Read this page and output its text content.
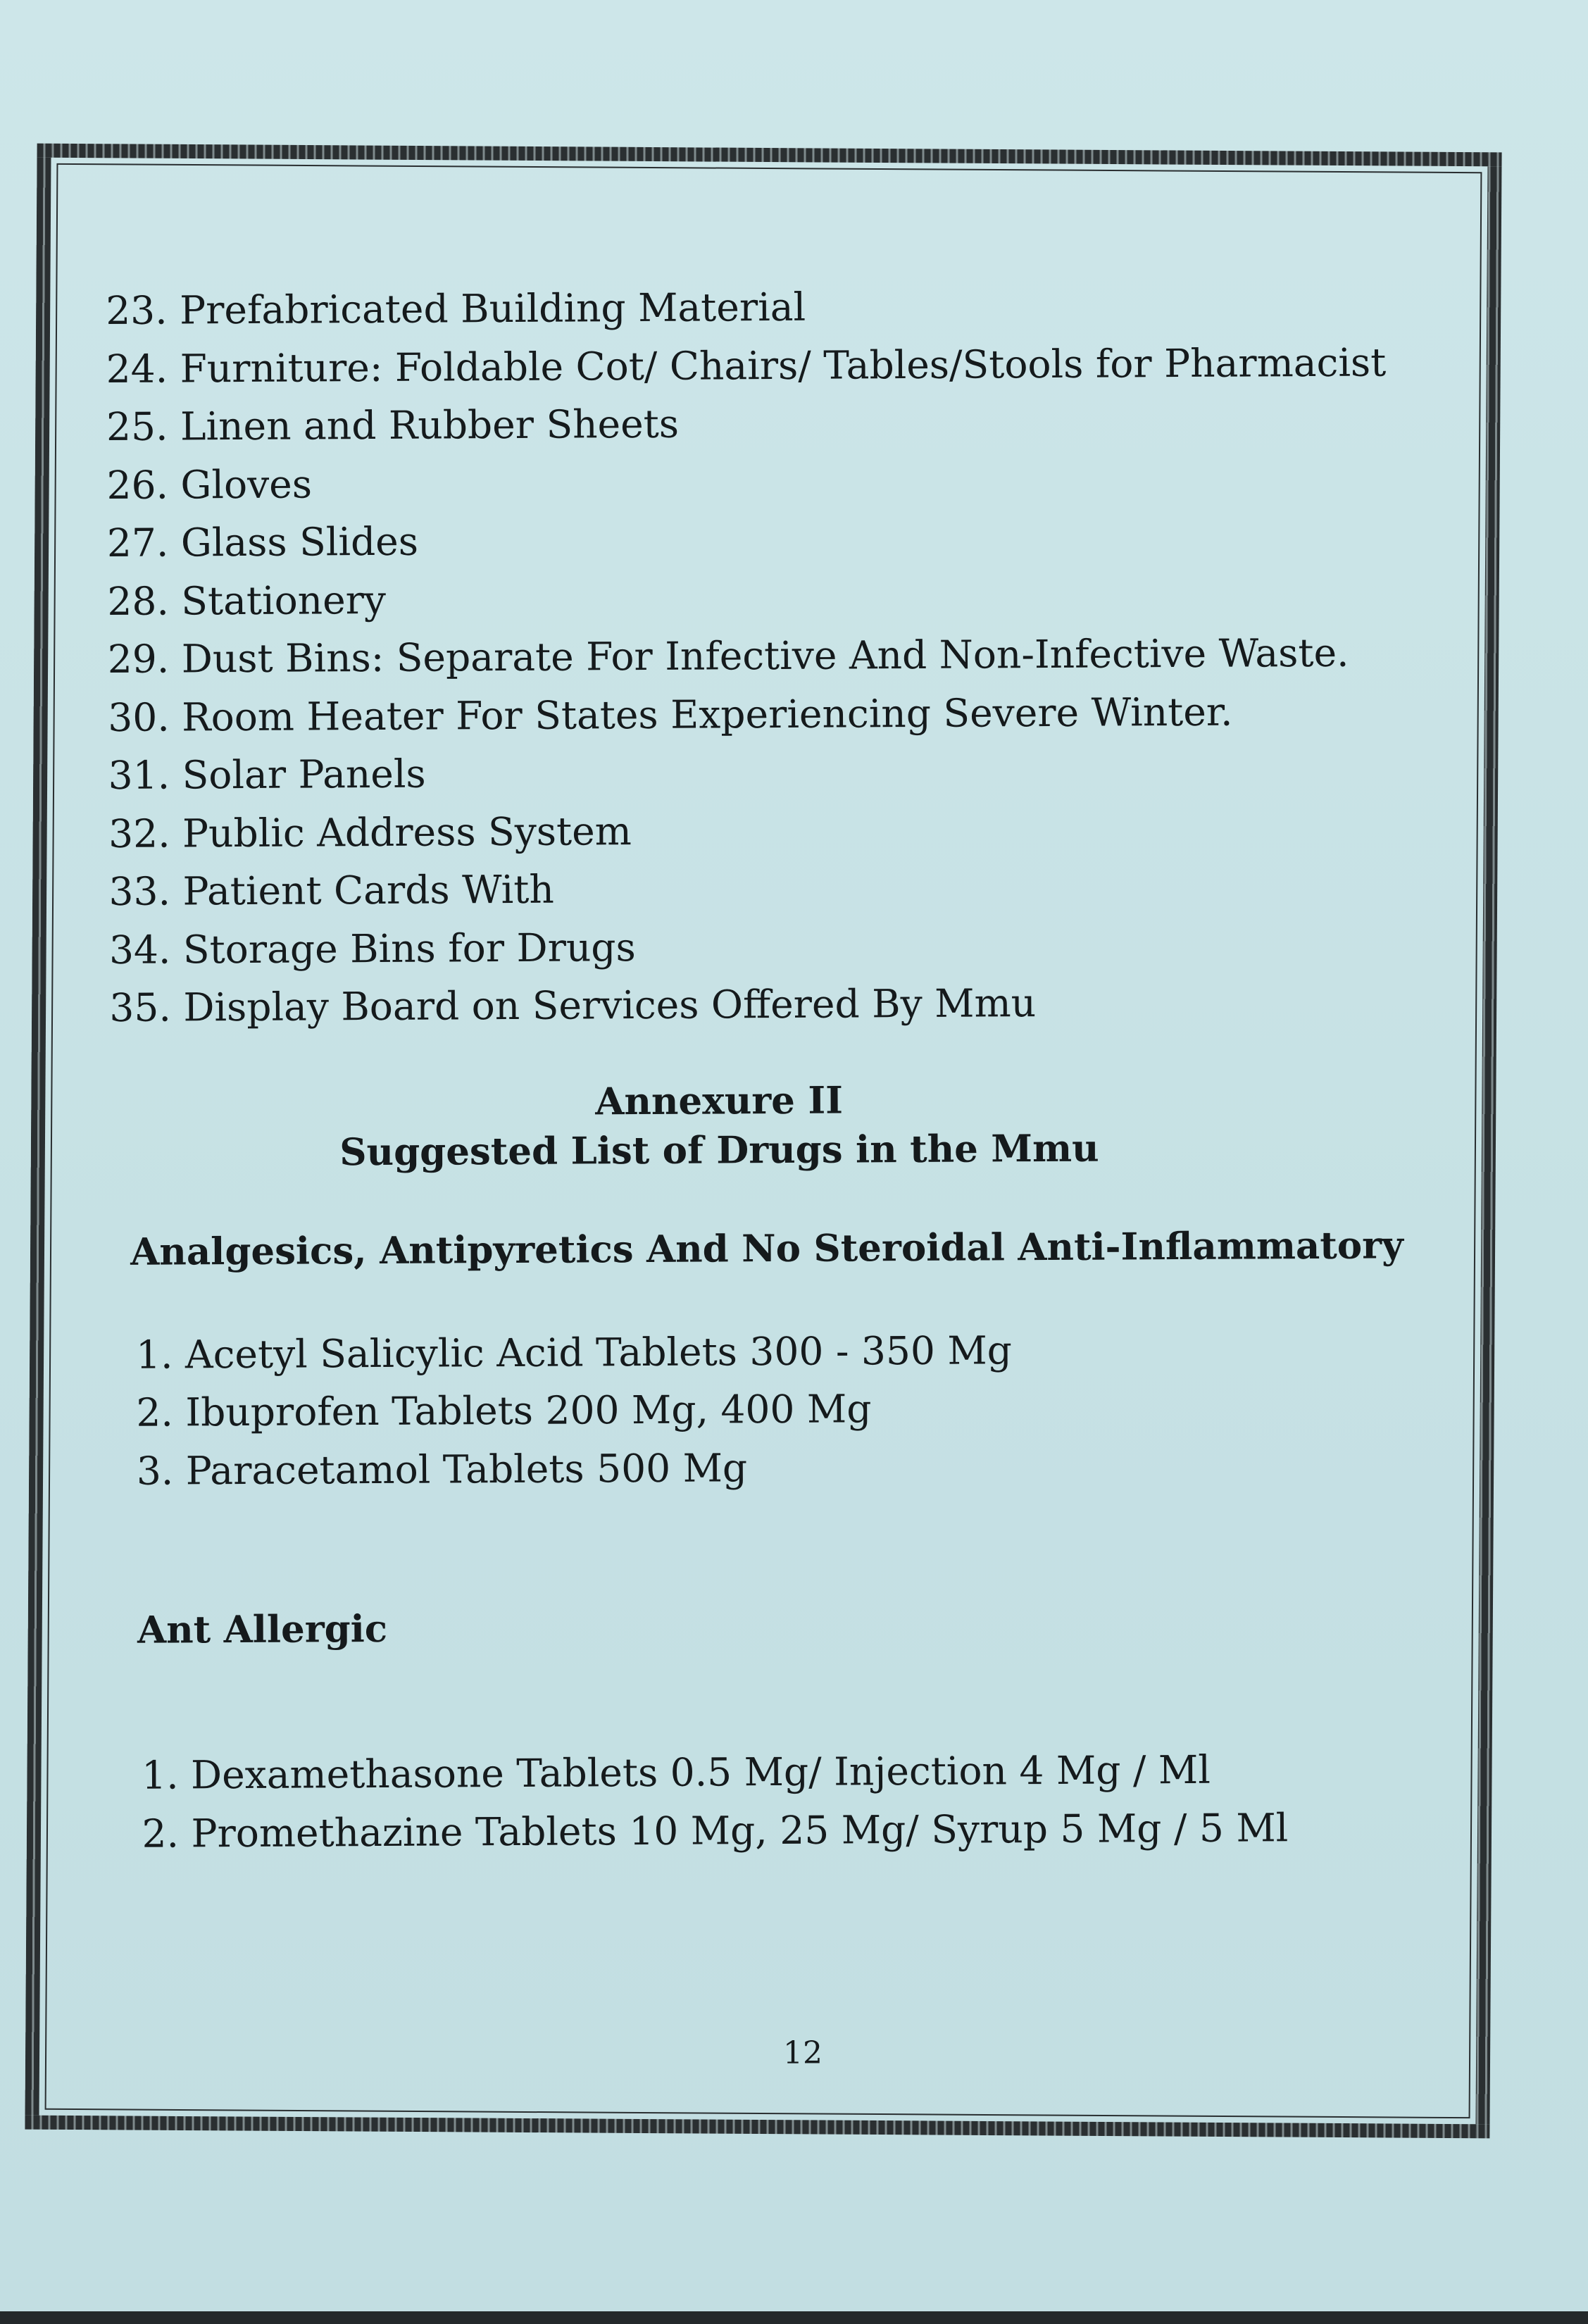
23. Prefabricated Building Material
24. Furniture: Foldable Cot/ Chairs/ Tables/Stools for Pharmacist
25. Linen and Rubber Sheets
26. Gloves
27. Glass Slides
28. Stationery
29. Dust Bins: Separate For Infective And Non-Infective Waste.
30. Room Heater For States Experiencing Severe Winter.
31. Solar Panels
32. Public Address System
33. Patient Cards With
34. Storage Bins for Drugs
35. Display Board on Services Offered By Mmu
Annexure II
Suggested List of Drugs in the Mmu
Analgesics, Antipyretics And No Steroidal Anti-Inflammatory
1. Acetyl Salicylic Acid Tablets 300 - 350 Mg
2. Ibuprofen Tablets 200 Mg, 400 Mg
3. Paracetamol Tablets 500 Mg
Ant Allergic
1. Dexamethasone Tablets 0.5 Mg/ Injection 4 Mg / Ml
2. Promethazine Tablets 10 Mg, 25 Mg/ Syrup 5 Mg / 5 Ml
12
